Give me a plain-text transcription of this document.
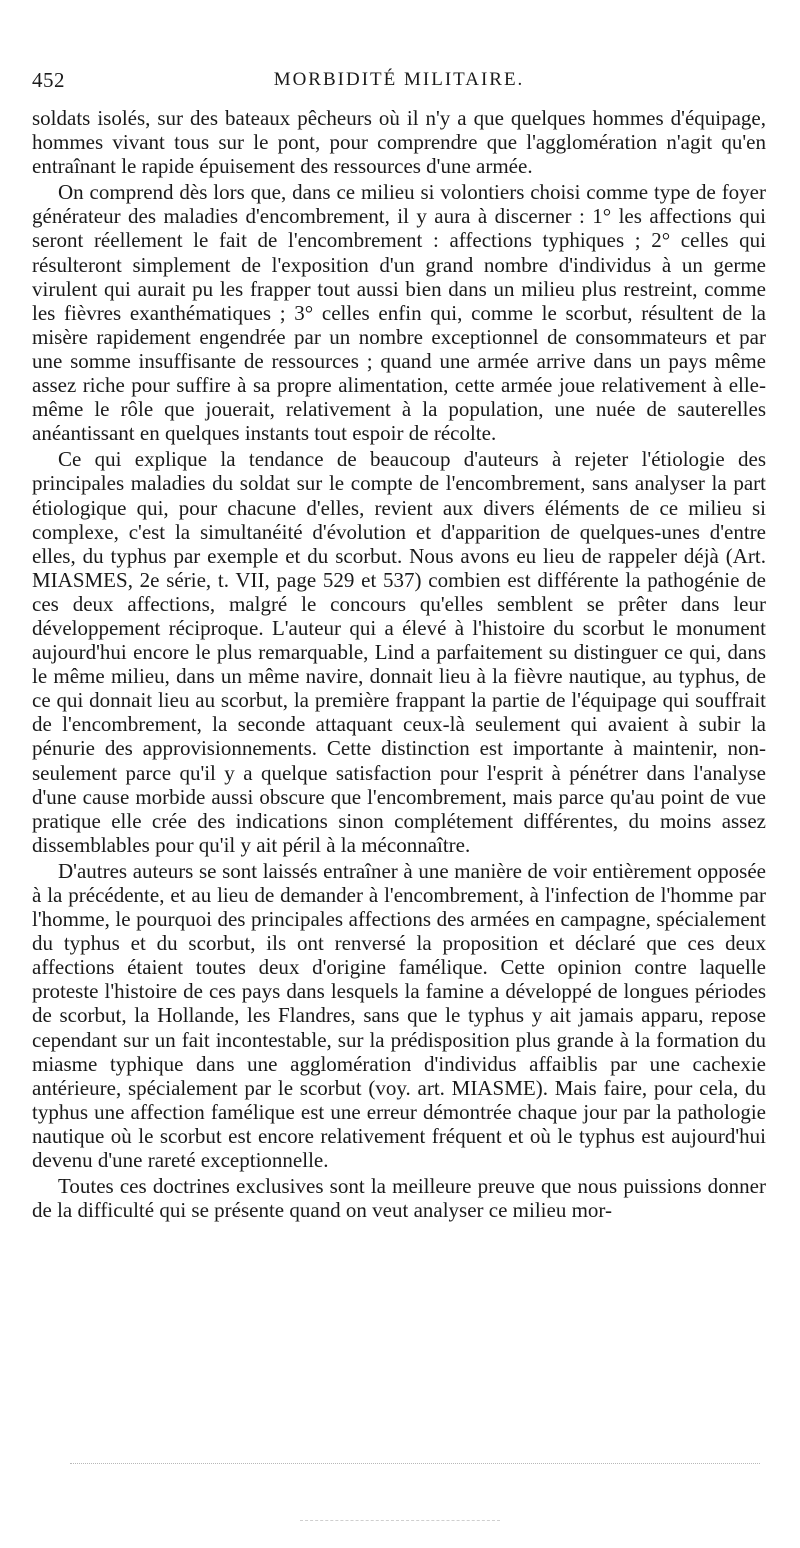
452	MORBIDITÉ MILITAIRE.

soldats isolés, sur des bateaux pêcheurs où il n'y a que quelques hommes d'équipage, hommes vivant tous sur le pont, pour comprendre que l'agglomération n'agit qu'en entraînant le rapide épuisement des ressources d'une armée.

On comprend dès lors que, dans ce milieu si volontiers choisi comme type de foyer générateur des maladies d'encombrement, il y aura à discerner : 1° les affections qui seront réellement le fait de l'encombrement : affections typhiques ; 2° celles qui résulteront simplement de l'exposition d'un grand nombre d'individus à un germe virulent qui aurait pu les frapper tout aussi bien dans un milieu plus restreint, comme les fièvres exanthématiques ; 3° celles enfin qui, comme le scorbut, résultent de la misère rapidement engendrée par un nombre exceptionnel de consommateurs et par une somme insuffisante de ressources ; quand une armée arrive dans un pays même assez riche pour suffire à sa propre alimentation, cette armée joue relativement à elle-même le rôle que jouerait, relativement à la population, une nuée de sauterelles anéantissant en quelques instants tout espoir de récolte.

Ce qui explique la tendance de beaucoup d'auteurs à rejeter l'étiologie des principales maladies du soldat sur le compte de l'encombrement, sans analyser la part étiologique qui, pour chacune d'elles, revient aux divers éléments de ce milieu si complexe, c'est la simultanéité d'évolution et d'apparition de quelques-unes d'entre elles, du typhus par exemple et du scorbut. Nous avons eu lieu de rappeler déjà (Art. MIASMES, 2e série, t. VII, page 529 et 537) combien est différente la pathogénie de ces deux affections, malgré le concours qu'elles semblent se prêter dans leur développement réciproque. L'auteur qui a élevé à l'histoire du scorbut le monument aujourd'hui encore le plus remarquable, Lind a parfaitement su distinguer ce qui, dans le même milieu, dans un même navire, donnait lieu à la fièvre nautique, au typhus, de ce qui donnait lieu au scorbut, la première frappant la partie de l'équipage qui souffrait de l'encombrement, la seconde attaquant ceux-là seulement qui avaient à subir la pénurie des approvisionnements. Cette distinction est importante à maintenir, non-seulement parce qu'il y a quelque satisfaction pour l'esprit à pénétrer dans l'analyse d'une cause morbide aussi obscure que l'encombrement, mais parce qu'au point de vue pratique elle crée des indications sinon complétement différentes, du moins assez dissemblables pour qu'il y ait péril à la méconnaître.

D'autres auteurs se sont laissés entraîner à une manière de voir entièrement opposée à la précédente, et au lieu de demander à l'encombrement, à l'infection de l'homme par l'homme, le pourquoi des principales affections des armées en campagne, spécialement du typhus et du scorbut, ils ont renversé la proposition et déclaré que ces deux affections étaient toutes deux d'origine famélique. Cette opinion contre laquelle proteste l'histoire de ces pays dans lesquels la famine a développé de longues périodes de scorbut, la Hollande, les Flandres, sans que le typhus y ait jamais apparu, repose cependant sur un fait incontestable, sur la prédisposition plus grande à la formation du miasme typhique dans une agglomération d'individus affaiblis par une cachexie antérieure, spécialement par le scorbut (voy. art. MIASME). Mais faire, pour cela, du typhus une affection famélique est une erreur démontrée chaque jour par la pathologie nautique où le scorbut est encore relativement fréquent et où le typhus est aujourd'hui devenu d'une rareté exceptionnelle.

Toutes ces doctrines exclusives sont la meilleure preuve que nous puissions donner de la difficulté qui se présente quand on veut analyser ce milieu mor-
